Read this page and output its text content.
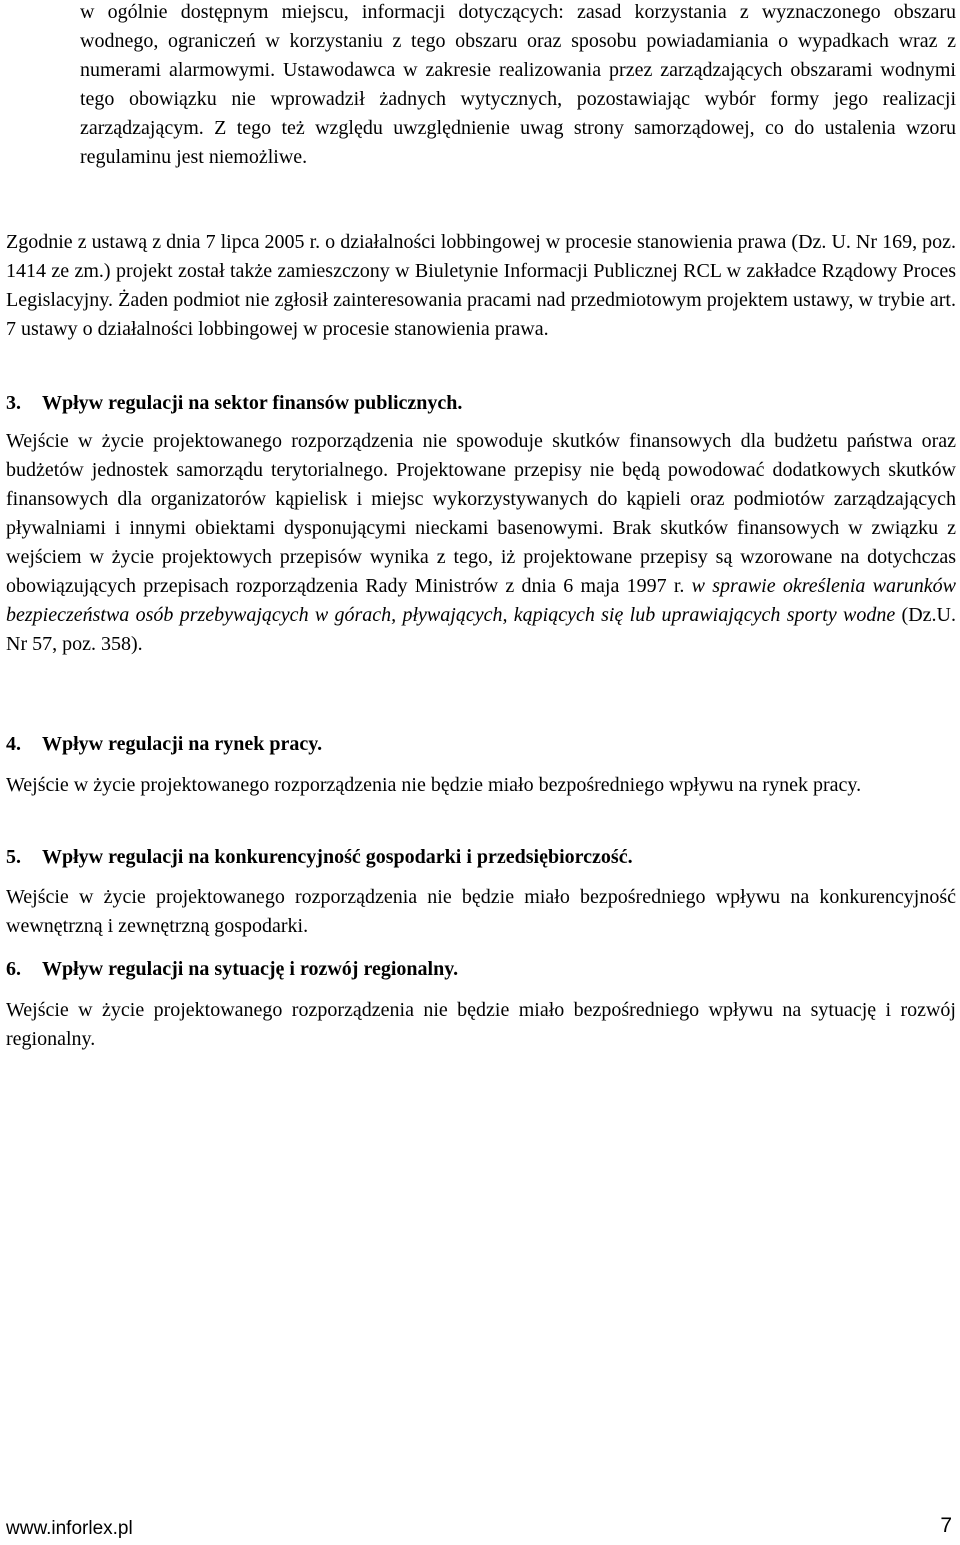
w ogólnie dostępnym miejscu, informacji dotyczących: zasad korzystania z wyznaczonego obszaru wodnego, ograniczeń w korzystaniu z tego obszaru oraz sposobu powiadamiania o wypadkach wraz z numerami alarmowymi. Ustawodawca w zakresie realizowania przez zarządzających obszarami wodnymi tego obowiązku nie wprowadził żadnych wytycznych, pozostawiając wybór formy jego realizacji zarządzającym. Z tego też względu uwzględnienie uwag strony samorządowej, co do ustalenia wzoru regulaminu jest niemożliwe.

Zgodnie z ustawą z dnia 7 lipca 2005 r. o działalności lobbingowej w procesie stanowienia prawa (Dz. U. Nr 169, poz. 1414 ze zm.) projekt został także zamieszczony w Biuletynie Informacji Publicznej RCL w zakładce Rządowy Proces Legislacyjny. Żaden podmiot nie zgłosił zainteresowania pracami nad przedmiotowym projektem ustawy, w trybie art. 7 ustawy o działalności lobbingowej w procesie stanowienia prawa.

3. Wpływ regulacji na sektor finansów publicznych.

Wejście w życie projektowanego rozporządzenia nie spowoduje skutków finansowych dla budżetu państwa oraz budżetów jednostek samorządu terytorialnego. Projektowane przepisy nie będą powodować dodatkowych skutków finansowych dla organizatorów kąpielisk i miejsc wykorzystywanych do kąpieli oraz podmiotów zarządzających pływalniami i innymi obiektami dysponującymi nieckami basenowymi. Brak skutków finansowych w związku z wejściem w życie projektowych przepisów wynika z tego, iż projektowane przepisy są wzorowane na dotychczas obowiązujących przepisach rozporządzenia Rady Ministrów z dnia 6 maja 1997 r. w sprawie określenia warunków bezpieczeństwa osób przebywających w górach, pływających, kąpiących się lub uprawiających sporty wodne (Dz.U. Nr 57, poz. 358).

4. Wpływ regulacji na rynek pracy.

Wejście w życie projektowanego rozporządzenia nie będzie miało bezpośredniego wpływu na rynek pracy.

5. Wpływ regulacji na konkurencyjność gospodarki i przedsiębiorczość.

Wejście w życie projektowanego rozporządzenia nie będzie miało bezpośredniego wpływu na konkurencyjność wewnętrzną i zewnętrzną gospodarki.

6. Wpływ regulacji na sytuację i rozwój regionalny.

Wejście w życie projektowanego rozporządzenia nie będzie miało bezpośredniego wpływu na sytuację i rozwój regionalny.

www.inforlex.pl	7
